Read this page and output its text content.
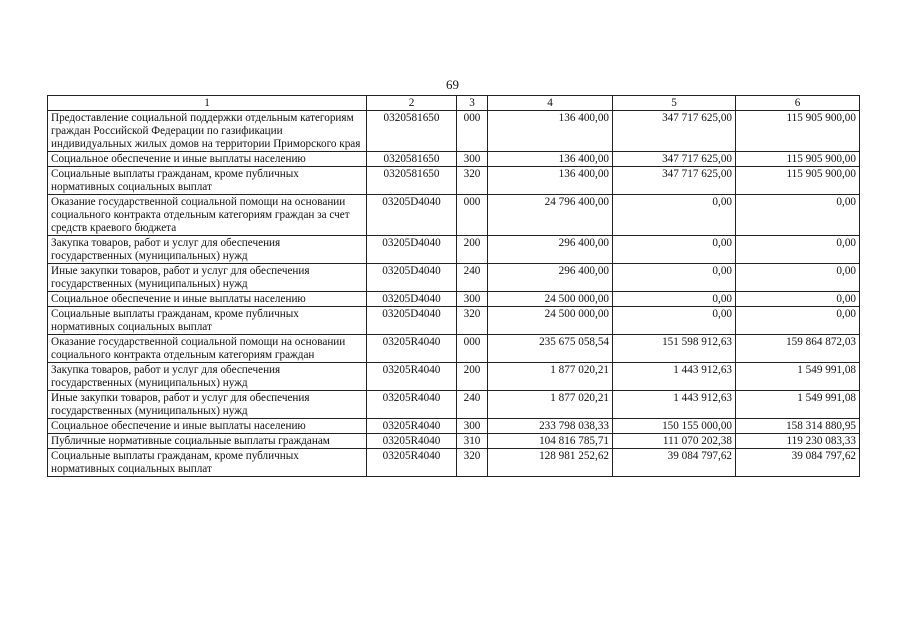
69
1	2	3	4	5	6
Предоставление социальной поддержки отдельным категориям граждан Российской Федерации по газификации индивидуальных жилых домов на территории Приморского края	0320581650	000	136 400,00	347 717 625,00	115 905 900,00
Социальное обеспечение и иные выплаты населению	0320581650	300	136 400,00	347 717 625,00	115 905 900,00
Социальные выплаты гражданам, кроме публичных нормативных социальных выплат	0320581650	320	136 400,00	347 717 625,00	115 905 900,00
Оказание государственной социальной помощи на основании социального контракта отдельным категориям граждан за счет средств краевого бюджета	03205D4040	000	24 796 400,00	0,00	0,00
Закупка товаров, работ и услуг для обеспечения государственных (муниципальных) нужд	03205D4040	200	296 400,00	0,00	0,00
Иные закупки товаров, работ и услуг для обеспечения государственных (муниципальных) нужд	03205D4040	240	296 400,00	0,00	0,00
Социальное обеспечение и иные выплаты населению	03205D4040	300	24 500 000,00	0,00	0,00
Социальные выплаты гражданам, кроме публичных нормативных социальных выплат	03205D4040	320	24 500 000,00	0,00	0,00
Оказание государственной социальной помощи на основании социального контракта отдельным категориям граждан	03205R4040	000	235 675 058,54	151 598 912,63	159 864 872,03
Закупка товаров, работ и услуг для обеспечения государственных (муниципальных) нужд	03205R4040	200	1 877 020,21	1 443 912,63	1 549 991,08
Иные закупки товаров, работ и услуг для обеспечения государственных (муниципальных) нужд	03205R4040	240	1 877 020,21	1 443 912,63	1 549 991,08
Социальное обеспечение и иные выплаты населению	03205R4040	300	233 798 038,33	150 155 000,00	158 314 880,95
Публичные нормативные социальные выплаты гражданам	03205R4040	310	104 816 785,71	111 070 202,38	119 230 083,33
Социальные выплаты гражданам, кроме публичных нормативных социальных выплат	03205R4040	320	128 981 252,62	39 084 797,62	39 084 797,62
